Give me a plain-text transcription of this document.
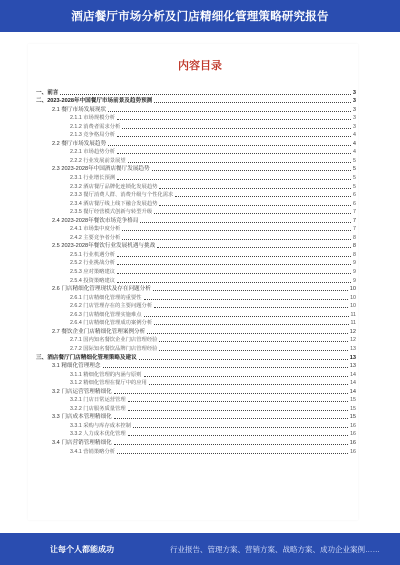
酒店餐厅市场分析及门店精细化管理策略研究报告
内容目录
一、前言	3
二、2023-2028年中国餐厅市场前景及趋势预测	3
2.1 餐厅市场发展现状	3
2.1.1 市场规模分析	3
2.1.2 消费者需求分析	3
2.1.3 竞争格局分析	4
2.2 餐厅市场发展趋势	4
2.2.1 市场趋势分析	4
2.2.2 行业发展前景展望	5
2.3 2023-2028年中国酒店餐厅发展趋势	5
2.3.1 行业增长预测	5
2.3.2 酒店餐厅品牌化连锁化发展趋势	5
2.3.3 餐厅消费人群、消费升级与个性化需求	6
2.3.4 酒店餐厅线上线下融合发展趋势	6
2.3.5 餐厅经营模式创新与转型升级	7
2.4 2023-2028年餐饮市场竞争格局	7
2.4.1 市场集中度分析	7
2.4.2 主要竞争者分析	8
2.5 2023-2028年餐饮行业发展机遇与挑战	8
2.5.1 行业机遇分析	8
2.5.2 行业挑战分析	9
2.5.3 应对策略建议	9
2.5.4 投资策略建议	9
2.6 门店精细化管理现状及存在问题分析	10
2.6.1 门店精细化管理的重要性	10
2.6.2 门店管理存在的主要问题分析	10
2.6.3 门店精细化管理实施难点	11
2.6.4 门店精细化管理成功案例分析	11
2.7 餐饮企业门店精细化管理案例分析	12
2.7.1 国内知名餐饮企业门店管理经验	12
2.7.2 国际知名餐饮品牌门店管理经验	13
三、酒店餐厅门店精细化管理策略及建议	13
3.1 精细化管理理念	13
3.1.1 精细化管理的内涵与原则	14
3.1.2 精细化管理在餐厅中的应用	14
3.2 门店运营管理精细化	14
3.2.1 门店日常运营管理	15
3.2.2 门店服务质量管理	15
3.3 门店成本管理精细化	15
3.3.1 采购与库存成本控制	16
3.3.2 人力成本优化管理	16
3.4 门店营销管理精细化	16
3.4.1 营销策略分析	16
让每个人都能成功	行业报告、管理方案、营销方案、战略方案、成功企业案例……
